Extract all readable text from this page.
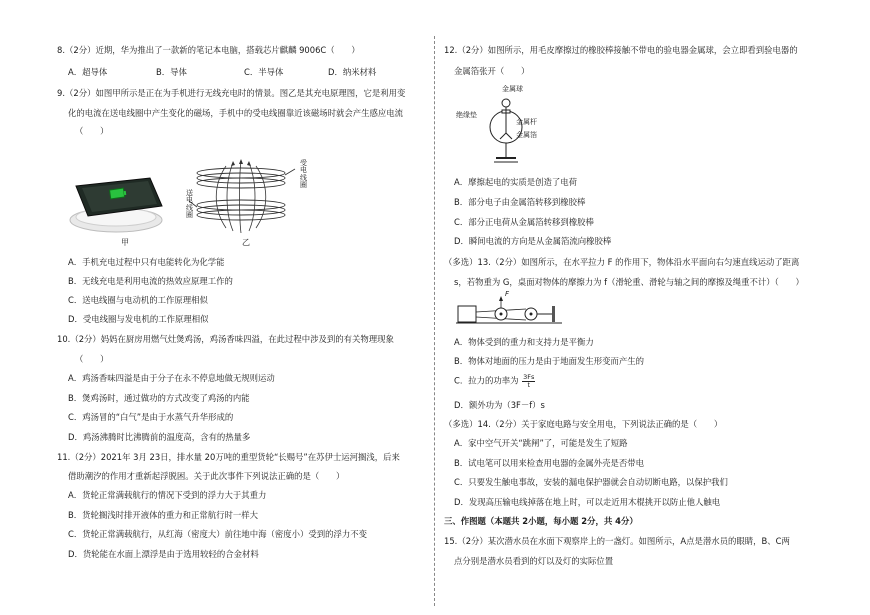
8.（2分）近期，华为推出了一款新的笔记本电脑，搭载芯片麒麟 9006C（　　）
A．超导体	B．导体	C．半导体	D．纳米材料
9.（2分）如图甲所示是正在为手机进行无线充电时的情景。图乙是其充电原理图，它是利用变
化的电流在送电线圈中产生变化的磁场，手机中的受电线圈靠近该磁场时就会产生感应电流
（　　）
甲
受电线圈
送电线圈
乙
A．手机充电过程中只有电能转化为化学能
B．无线充电是利用电流的热效应原理工作的
C．送电线圈与电动机的工作原理相似
D．受电线圈与发电机的工作原理相似
10.（2分）妈妈在厨房用燃气灶煲鸡汤，鸡汤香味四溢，在此过程中涉及到的有关物理现象
（　　）
A．鸡汤香味四溢是由于分子在永不停息地做无规则运动
B．煲鸡汤时，通过做功的方式改变了鸡汤的内能
C．鸡汤冒的“白气”是由于水蒸气升华形成的
D．鸡汤沸腾时比沸腾前的温度高，含有的热量多
11.（2分）2021年 3月 23日，排水量 20万吨的重型货轮“长赐号”在苏伊士运河搁浅，后来
借助潮汐的作用才重新起浮脱困。关于此次事件下列说法正确的是（　　）
A．货轮正常满载航行的情况下受到的浮力大于其重力
B．货轮搁浅时排开液体的重力和正常航行时一样大
C．货轮正常满载航行，从红海（密度大）前往地中海（密度小）受到的浮力不变
D．货轮能在水面上漂浮是由于选用较轻的合金材料
12.（2分）如图所示，用毛皮摩擦过的橡胶棒接触不带电的验电器金属球，会立即看到验电器的
金属箔张开（　　）
金属球
绝缘垫
金属杆
金属箔
A．摩擦起电的实质是创造了电荷
B．部分电子由金属箔转移到橡胶棒
C．部分正电荷从金属箔转移到橡胶棒
D．瞬间电流的方向是从金属箔流向橡胶棒
（多选）13.（2分）如图所示，在水平拉力 F 的作用下，物体沿水平面向右匀速直线运动了距离
s，若物重为 G，桌面对物体的摩擦力为 f（滑轮重、滑轮与轴之间的摩擦及绳重不计）（　　）
F
A．物体受到的重力和支持力是平衡力
B．物体对地面的压力是由于地面发生形变而产生的
C．拉力的功率为 $\frac{3Fs}{t}$
D．额外功为（3F－f）s
（多选）14.（2分）关于家庭电路与安全用电，下列说法正确的是（　　）
A．家中空气开关“跳闸”了，可能是发生了短路
B．试电笔可以用来检查用电器的金属外壳是否带电
C．只要发生触电事故，安装的漏电保护器就会自动切断电路，以保护我们
D．发现高压输电线掉落在地上时，可以走近用木棍挑开以防止他人触电
三、作图题（本题共 2小题，每小题 2分，共 4分）
15.（2分）某次潜水员在水面下观察岸上的一盏灯。如图所示，A点是潜水员的眼睛，B、C两
点分别是潜水员看到的灯以及灯的实际位置
